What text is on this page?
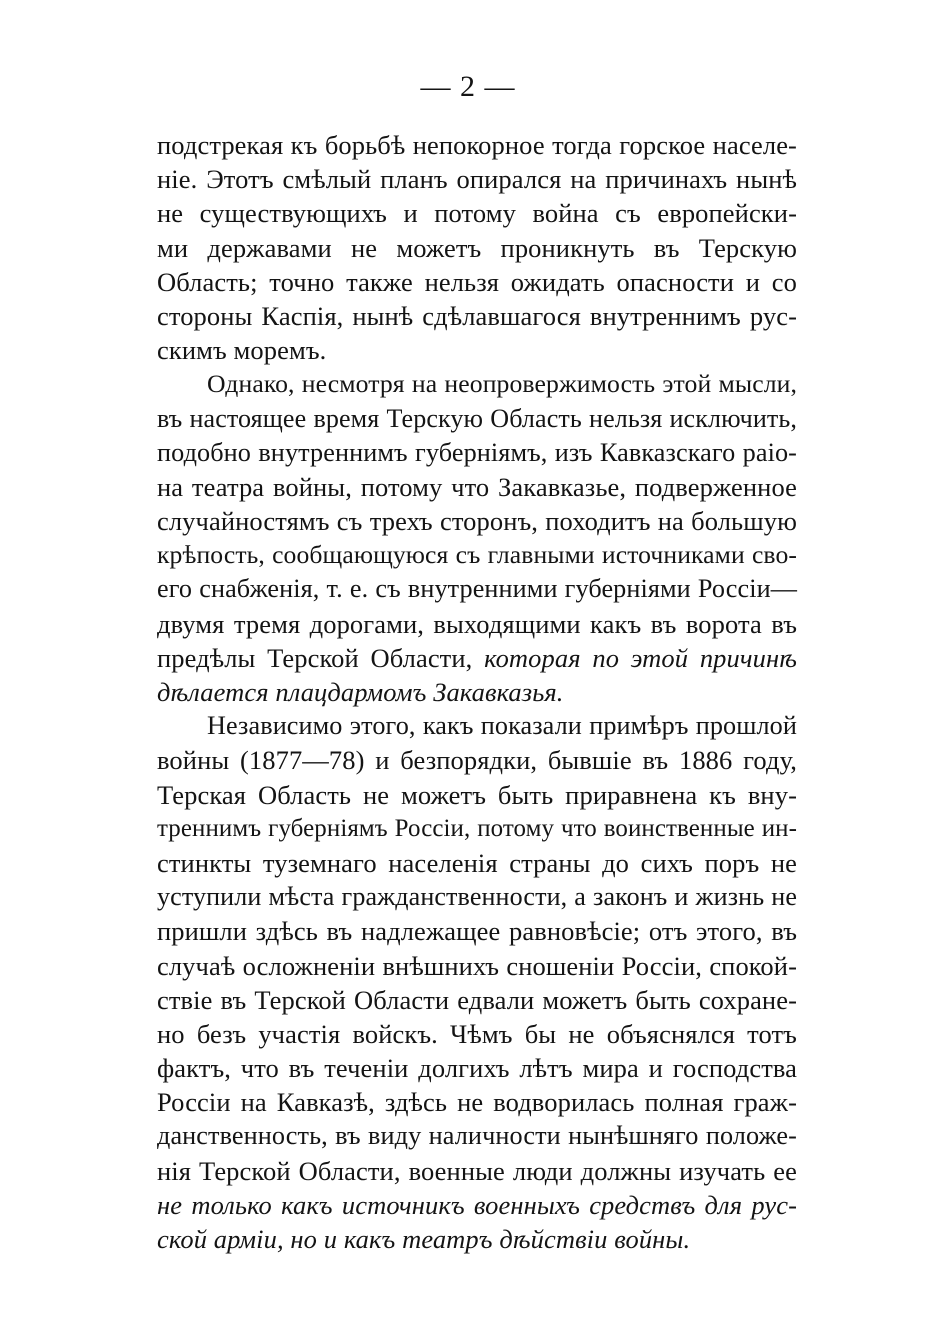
— 2 —
подстрекая къ борьбѣ непокорное тогда горское населе-
ніе. Этотъ смѣлый планъ опирался на причинахъ нынѣ
не существующихъ и потому война съ европейски-
ми державами не можетъ проникнуть въ Терскую
Область; точно также нельзя ожидать опасности и со
стороны Каспія, нынѣ сдѣлавшагося внутреннимъ рус-
скимъ моремъ.
Однако, несмотря на неопровержимость этой мысли,
въ настоящее время Терскую Область нельзя исключить,
подобно внутреннимъ губерніямъ, изъ Кавказскаго раіо-
на театра войны, потому что Закавказье, подверженное
случайностямъ съ трехъ сторонъ, походитъ на большую
крѣпость, сообщающуюся съ главными источниками сво-
его снабженія, т. е. съ внутренними губерніями Россіи—
двумя тремя дорогами, выходящими какъ въ ворота въ
предѣлы Терской Области, которая по этой причинѣ
дѣлается плацдармомъ Закавказья.
Независимо этого, какъ показали примѣръ прошлой
войны (1877—78) и безпорядки, бывшіе въ 1886 году,
Терская Область не можетъ быть приравнена къ вну-
треннимъ губерніямъ Россіи, потому что воинственные ин-
стинкты туземнаго населенія страны до сихъ поръ не
уступили мѣста гражданственности, а законъ и жизнь не
пришли здѣсь въ надлежащее равновѣсіе; отъ этого, въ
случаѣ осложненіи внѣшнихъ сношеніи Россіи, спокой-
ствіе въ Терской Области едвали можетъ быть сохране-
но безъ участія войскъ. Чѣмъ бы не объяснялся тотъ
фактъ, что въ теченіи долгихъ лѣтъ мира и господства
Россіи на Кавказѣ, здѣсь не водворилась полная граж-
данственность, въ виду наличности нынѣшняго положе-
нія Терской Области, военные люди должны изучать ее
не только какъ источникъ военныхъ средствъ для рус-
ской арміи, но и какъ театръ дѣйствіи войны.
